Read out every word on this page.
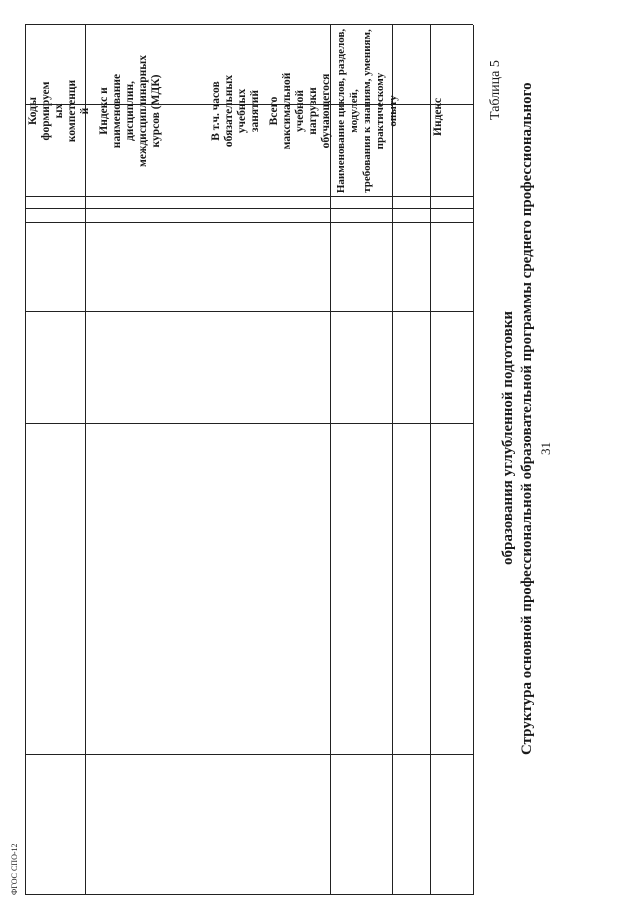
31
Структура основной профессиональной образовательной программы среднего профессионального
образования углубленной подготовки
Таблица 5
ФГОС СПО-12
Индекс
Наименование циклов, разделов, модулей, требования к знаниям, умениям, практическому опыту
Всего максимальной учебной нагрузки обучающегося
В т.ч. часов обязательных учебных занятий
Индекс и наименование дисциплин, междисциплинарных курсов (МДК)
Коды формируем ых компетенци й
